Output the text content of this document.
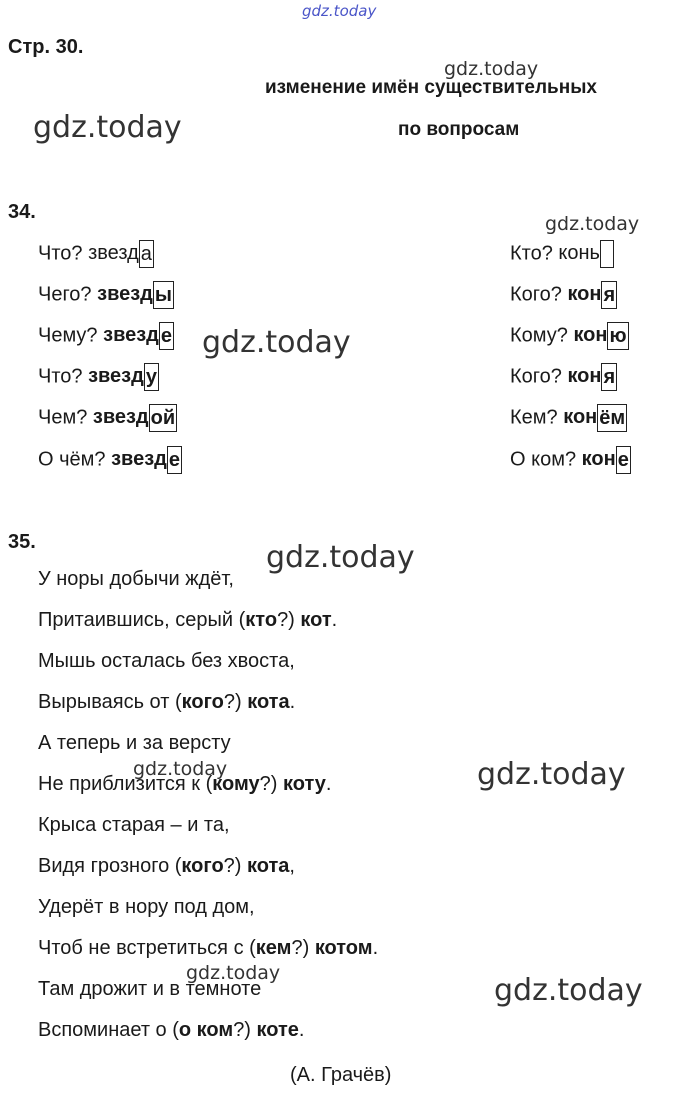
gdz.today
gdz.today
gdz.today
gdz.today
gdz.today
gdz.today
gdz.today	gdz.today
gdz.today	gdz.today
Стр. 30.
изменение имён существительных
по вопросам
34.
Что? звезд а
Чего? звезд ы
Чему? звезд е
Что? звезд у
Чем? звезд ой
О чём? звезд е
Кто? конь
Кого? кон я
Кому? кон ю
Кого? кон я
Кем? кон ём
О ком? кон е
35.
У норы добычи ждёт,
Притаившись, серый (кто?) кот.
Мышь осталась без хвоста,
Вырываясь от (кого?) кота.
А теперь и за версту
Не приблизится к (кому?) коту.
Крыса старая – и та,
Видя грозного (кого?) кота,
Удерёт в нору под дом,
Чтоб не встретиться с (кем?) котом.
Там дрожит и в темноте
Вспоминает о (о ком?) коте.
(А. Грачёв)
